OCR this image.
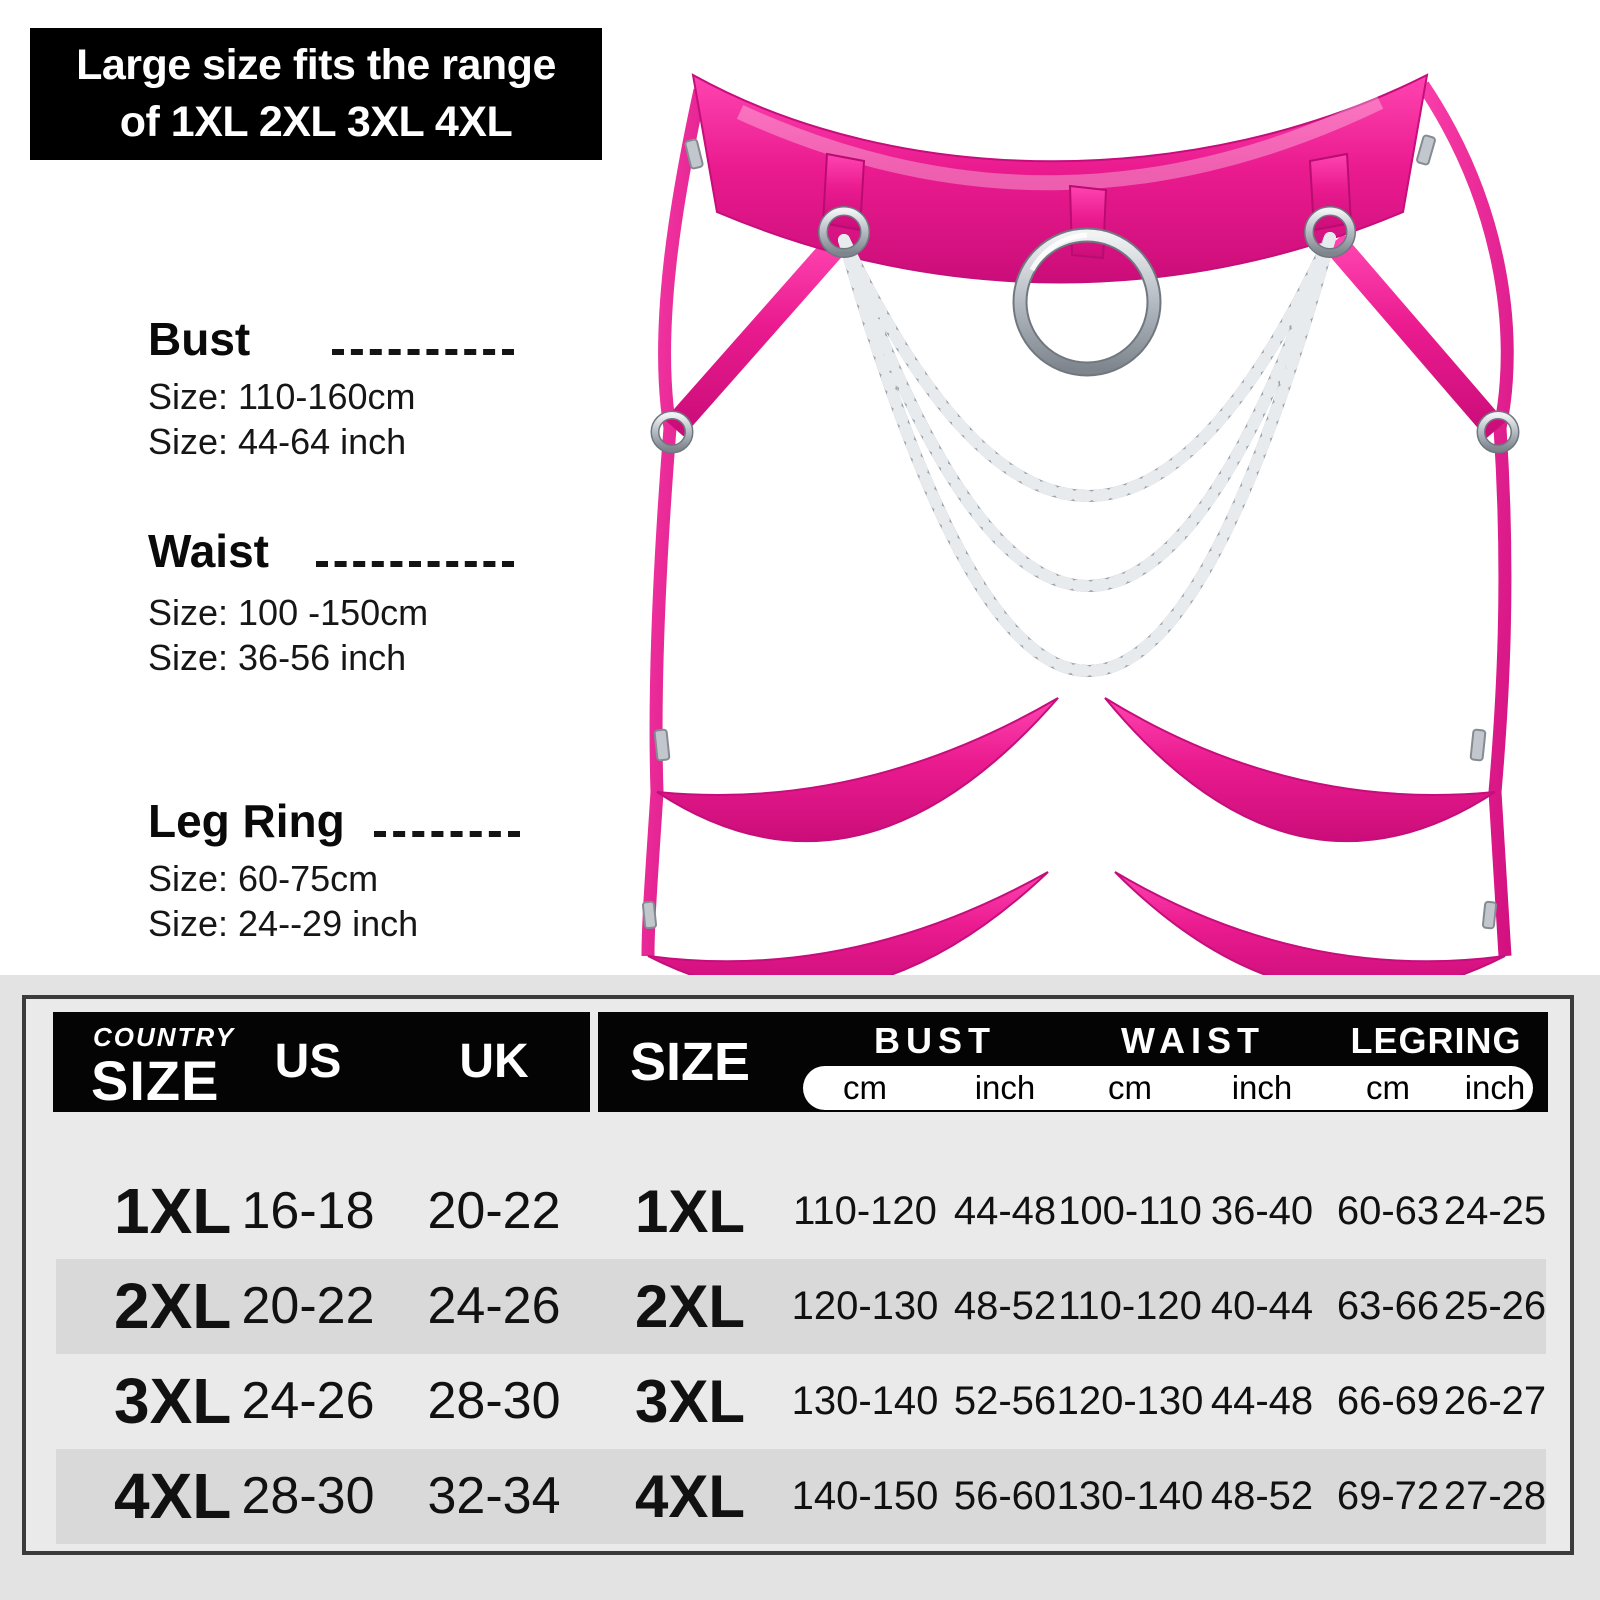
Large size fits the range
of 1XL 2XL 3XL 4XL
Bust
Size: 110-160cm
Size: 44-64 inch
Waist
Size: 100 -150cm
Size: 36-56 inch
Leg Ring
Size: 60-75cm
Size: 24--29 inch
COUNTRY
SIZE US UK SIZE	BUST	WAIST LEGRING
cm	inch cm inch cm inch
1XL 16-18 20-22 1XL 110-120 44-48 100-110 36-40 60-63 24-25
2XL 20-22 24-26 2XL 120-130 48-52 110-120 40-44 63-66 25-26
3XL 24-26 28-30 3XL 130-140 52-56 120-130 44-48 66-69 26-27
4XL 28-30 32-34 4XL 140-150 56-60 130-140 48-52 69-72 27-28
